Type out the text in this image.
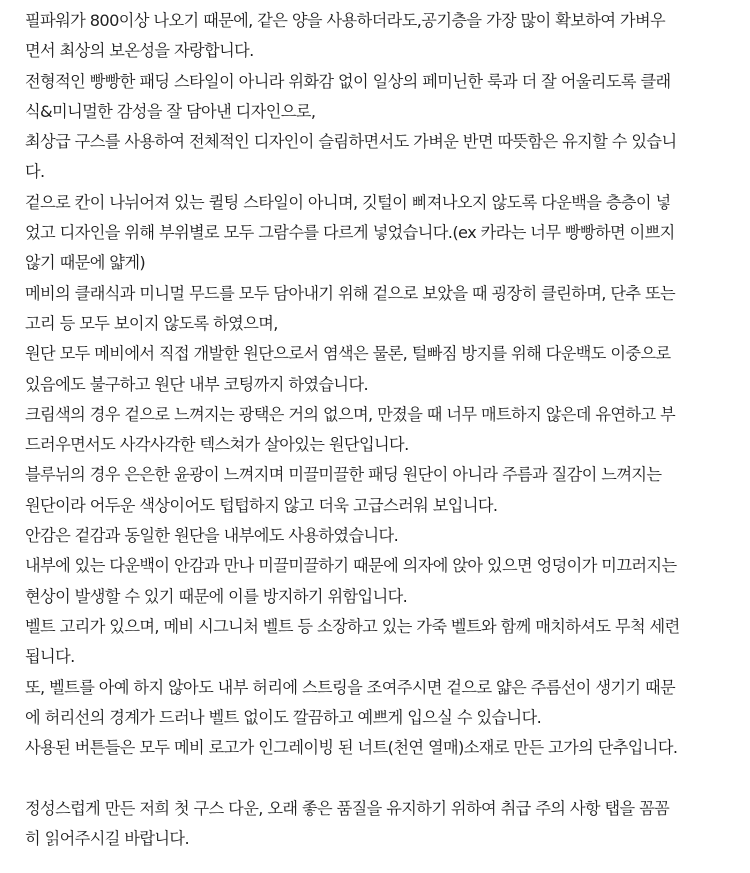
필파워가 800이상 나오기 때문에, 같은 양을 사용하더라도,공기층을 가장 많이 확보하여 가벼우
면서 최상의 보온성을 자랑합니다.
전형적인 빵빵한 패딩 스타일이 아니라 위화감 없이 일상의 페미닌한 룩과 더 잘 어울리도록 클래
식&미니멀한 감성을 잘 담아낸 디자인으로,
최상급 구스를 사용하여 전체적인 디자인이 슬림하면서도 가벼운 반면 따뜻함은 유지할 수 있습니
다.
겉으로 칸이 나뉘어져 있는 퀼팅 스타일이 아니며, 깃털이 삐져나오지 않도록 다운백을 층층이 넣
었고 디자인을 위해 부위별로 모두 그람수를 다르게 넣었습니다.(ex 카라는 너무 빵빵하면 이쁘지
않기 때문에 얇게)
메비의 클래식과 미니멀 무드를 모두 담아내기 위해 겉으로 보았을 때 굉장히 클린하며, 단추 또는
고리 등 모두 보이지 않도록 하였으며,
원단 모두 메비에서 직접 개발한 원단으로서 염색은 물론, 털빠짐 방지를 위해 다운백도 이중으로
있음에도 불구하고 원단 내부 코팅까지 하였습니다.
크림색의 경우 겉으로 느껴지는 광택은 거의 없으며, 만졌을 때 너무 매트하지 않은데 유연하고 부
드러우면서도 사각사각한 텍스쳐가 살아있는 원단입니다.
블루뉘의 경우 은은한 윤광이 느껴지며 미끌미끌한 패딩 원단이 아니라 주름과 질감이 느껴지는
원단이라 어두운 색상이어도 텁텁하지 않고 더욱 고급스러워 보입니다.
안감은 겉감과 동일한 원단을 내부에도 사용하였습니다.
내부에 있는 다운백이 안감과 만나 미끌미끌하기 때문에 의자에 앉아 있으면 엉덩이가 미끄러지는
현상이 발생할 수 있기 때문에 이를 방지하기 위함입니다.
벨트 고리가 있으며, 메비 시그니처 벨트 등 소장하고 있는 가죽 벨트와 함께 매치하셔도 무척 세련
됩니다.
또, 벨트를 아예 하지 않아도 내부 허리에 스트링을 조여주시면 겉으로 얇은 주름선이 생기기 때문
에 허리선의 경계가 드러나 벨트 없이도 깔끔하고 예쁘게 입으실 수 있습니다.
사용된 버튼들은 모두 메비 로고가 인그레이빙 된 너트(천연 열매)소재로 만든 고가의 단추입니다.
정성스럽게 만든 저희 첫 구스 다운, 오래 좋은 품질을 유지하기 위하여 취급 주의 사항 탭을 꼼꼼
히 읽어주시길 바랍니다.
